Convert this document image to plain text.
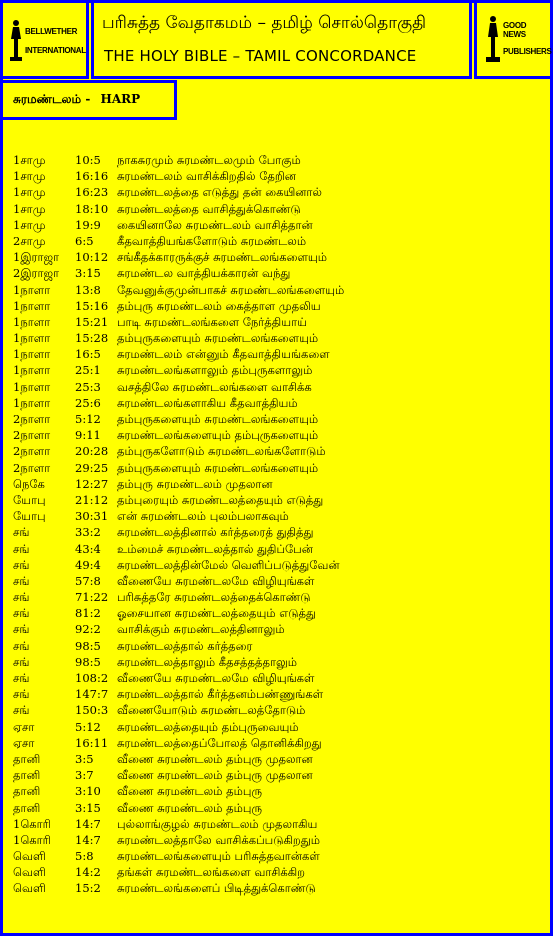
BELLWETHER
INTERNATIONAL
பரிசுத்த வேதாகமம் – தமிழ் சொல்தொகுதி
THE HOLY BIBLE – TAMIL CONCORDANCE
GOOD NEWS
PUBLISHERS
சுரமண்டலம் - HARP
1சாமு	10:5	நாகசுரமும் சுரமண்டலமும் போகும்
1சாமு	16:16 சுரமண்டலம் வாசிக்கிறதில் தேறின
1சாமு	16:23 சுரமண்டலத்தை எடுத்து தன் கையினால்
1சாமு	18:10 சுரமண்டலத்தை வாசித்துக்கொண்டு
1சாமு	19:9	கையினாலே சுரமண்டலம் வாசித்தான்
2சாமு	6:5	கீதவாத்தியங்களோடும் சுரமண்டலம்
1இராஜா	10:12 சங்கீதக்காரருக்குச் சுரமண்டலங்களையும்
2இராஜா	3:15	சுரமண்டல வாத்தியக்காரன் வந்து
1நாளா	13:8	தேவனுக்குமுன்பாகச் சுரமண்டலங்களையும்
1நாளா	15:16 தம்புரு சுரமண்டலம் கைத்தாள முதலிய
1நாளா	15:21 பாடி சுரமண்டலங்களை நேர்த்தியாய்
1நாளா	15:28 தம்புருகளையும் சுரமண்டலங்களையும்
1நாளா	16:5	சுரமண்டலம் என்னும் கீதவாத்தியங்களை
1நாளா	25:1	சுரமண்டலங்களாலும் தம்புருகளாலும்
1நாளா	25:3	வசத்திலே சுரமண்டலங்களை வாசிக்க
1நாளா	25:6	சுரமண்டலங்களாகிய கீதவாத்தியம்
2நாளா	5:12	தம்புருகளையும் சுரமண்டலங்களையும்
2நாளா	9:11	சுரமண்டலங்களையும் தம்புருகளையும்
2நாளா	20:28 தம்புருகளோடும் சுரமண்டலங்களோடும்
2நாளா	29:25 தம்புருகளையும் சுரமண்டலங்களையும்
நெகே	12:27 தம்புரு சுரமண்டலம் முதலான
யோபு	21:12 தம்புரையும் சுரமண்டலத்தையும் எடுத்து
யோபு	30:31 என் சுரமண்டலம் புலம்பலாகவும்
சங்	33:2	சுரமண்டலத்தினால் கர்த்தரைத் துதித்து
சங்	43:4	உம்மைச் சுரமண்டலத்தால் துதிப்பேன்
சங்	49:4	சுரமண்டலத்தின்மேல் வெளிப்படுத்துவேன்
சங்	57:8	வீணையே சுரமண்டலமே விழியுங்கள்
சங்	71:22 பரிசுத்தரே சுரமண்டலத்தைக்கொண்டு
சங்	81:2	ஓசையான சுரமண்டலத்தையும் எடுத்து
சங்	92:2	வாசிக்கும் சுரமண்டலத்தினாலும்
சங்	98:5	சுரமண்டலத்தால் கர்த்தரை
சங்	98:5	சுரமண்டலத்தாலும் கீதசத்தத்தாலும்
சங்	108:2 வீணையே சுரமண்டலமே விழியுங்கள்
சங்	147:7 சுரமண்டலத்தால் கீர்த்தனம்பண்ணுங்கள்
சங்	150:3 வீணையோடும் சுரமண்டலத்தோடும்
ஏசா	5:12	சுரமண்டலத்தையும் தம்புருவையும்
ஏசா	16:11 சுரமண்டலத்தைப்போலத் தொனிக்கிறது
தானி	3:5	வீணை சுரமண்டலம் தம்புரு முதலான
தானி	3:7	வீணை சுரமண்டலம் தம்புரு முதலான
தானி	3:10	வீணை சுரமண்டலம் தம்புரு
தானி	3:15	வீணை சுரமண்டலம் தம்புரு
1கொரி	14:7	புல்லாங்குழல் சுரமண்டலம் முதலாகிய
1கொரி	14:7	சுரமண்டலத்தாலே வாசிக்கப்படுகிறதும்
வெளி	5:8	சுரமண்டலங்களையும் பரிசுத்தவான்கள்
வெளி	14:2	தங்கள் சுரமண்டலங்களை வாசிக்கிற
வெளி	15:2	சுரமண்டலங்களைப் பிடித்துக்கொண்டு
